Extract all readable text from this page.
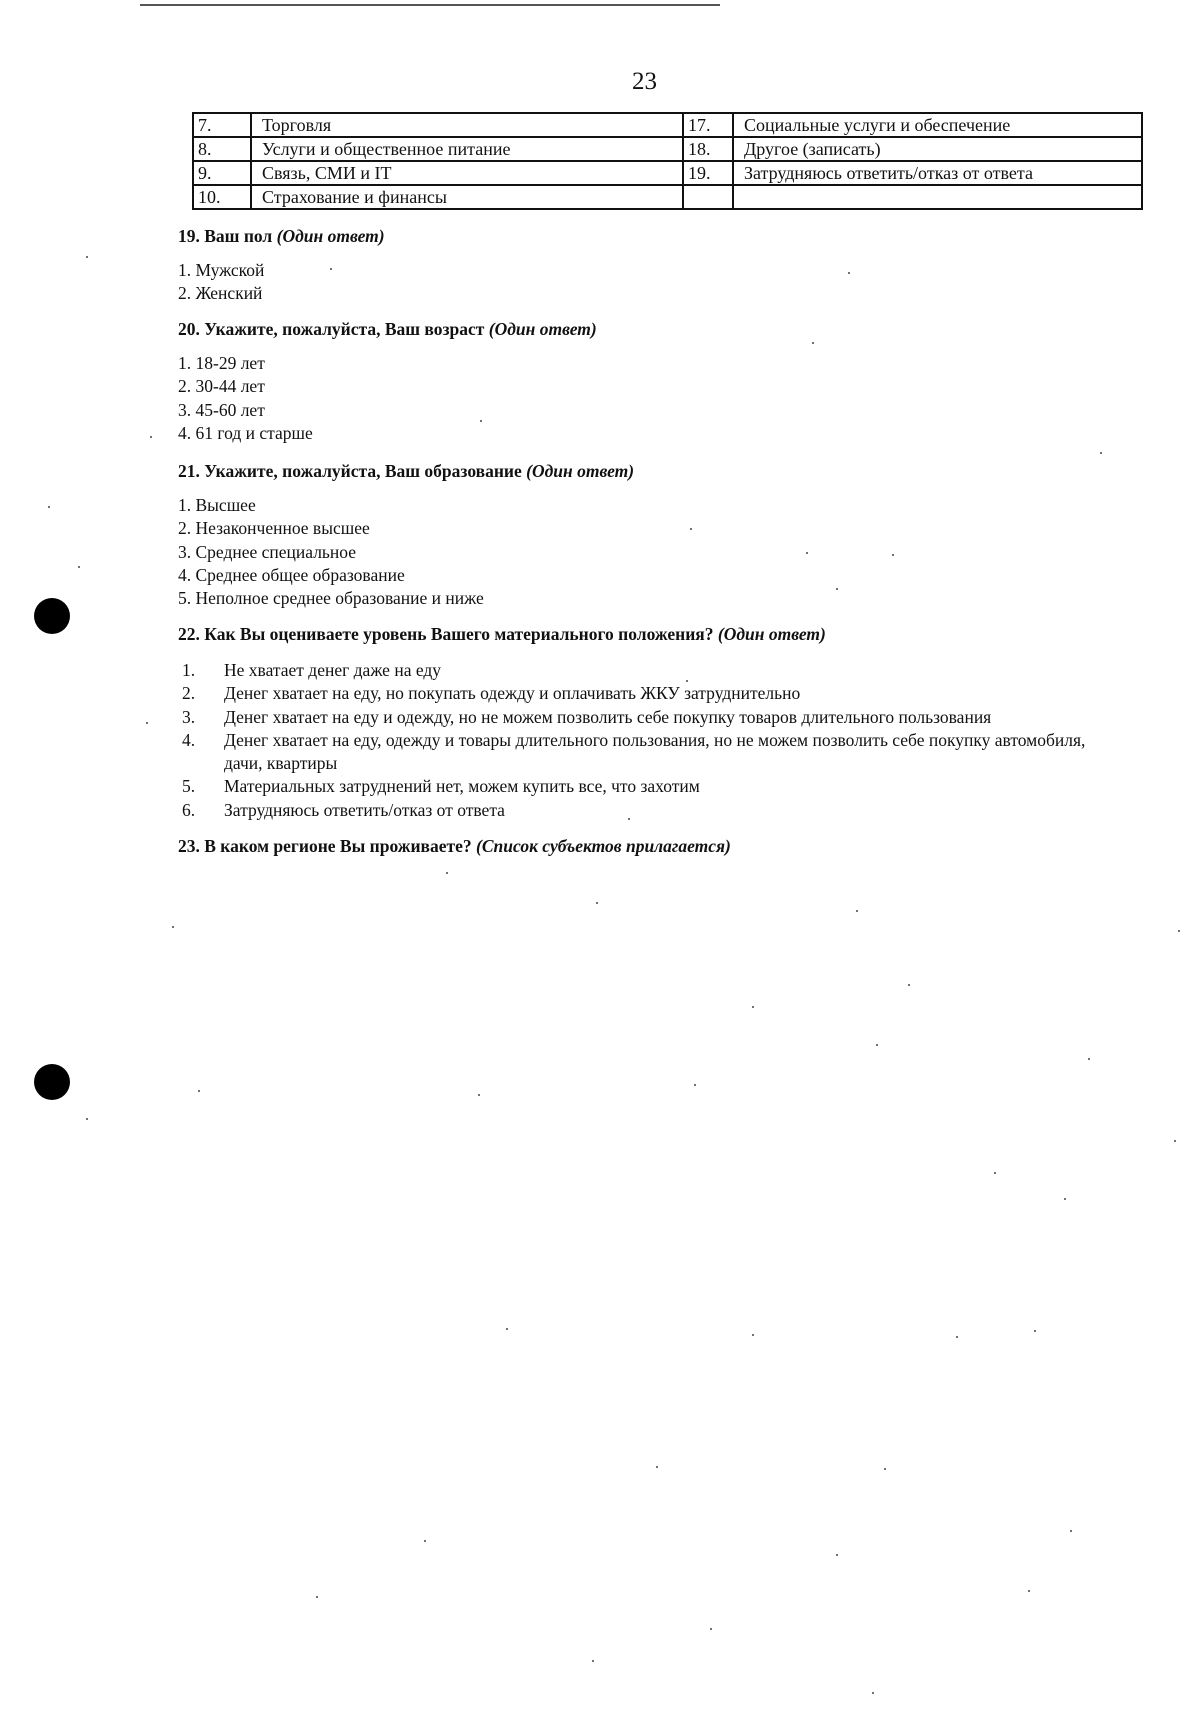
23
7.	Торговля	17.	Социальные услуги и обеспечение
8.	Услуги и общественное питание	18.	Другое (записать)
9.	Связь, СМИ и IT	19.	Затрудняюсь ответить/отказ от ответа
10.	Страхование и финансы		
19. Ваш пол (Один ответ)
1. Мужской
2. Женский
20. Укажите, пожалуйста, Ваш возраст (Один ответ)
1. 18-29 лет
2. 30-44 лет
3. 45-60 лет
4. 61 год и старше
21. Укажите, пожалуйста, Ваш образование (Один ответ)
1. Высшее
2. Незаконченное высшее
3. Среднее специальное
4. Среднее общее образование
5. Неполное среднее образование и ниже
22. Как Вы оцениваете уровень Вашего материального положения? (Один ответ)
1.	Не хватает денег даже на еду
2.	Денег хватает на еду, но покупать одежду и оплачивать ЖКУ затруднительно
3.	Денег хватает на еду и одежду, но не можем позволить себе покупку товаров длительного пользования
4.	Денег хватает на еду, одежду и товары длительного пользования, но не можем позволить себе покупку автомобиля, дачи, квартиры
5.	Материальных затруднений нет, можем купить все, что захотим
6.	Затрудняюсь ответить/отказ от ответа
23. В каком регионе Вы проживаете? (Список субъектов прилагается)
